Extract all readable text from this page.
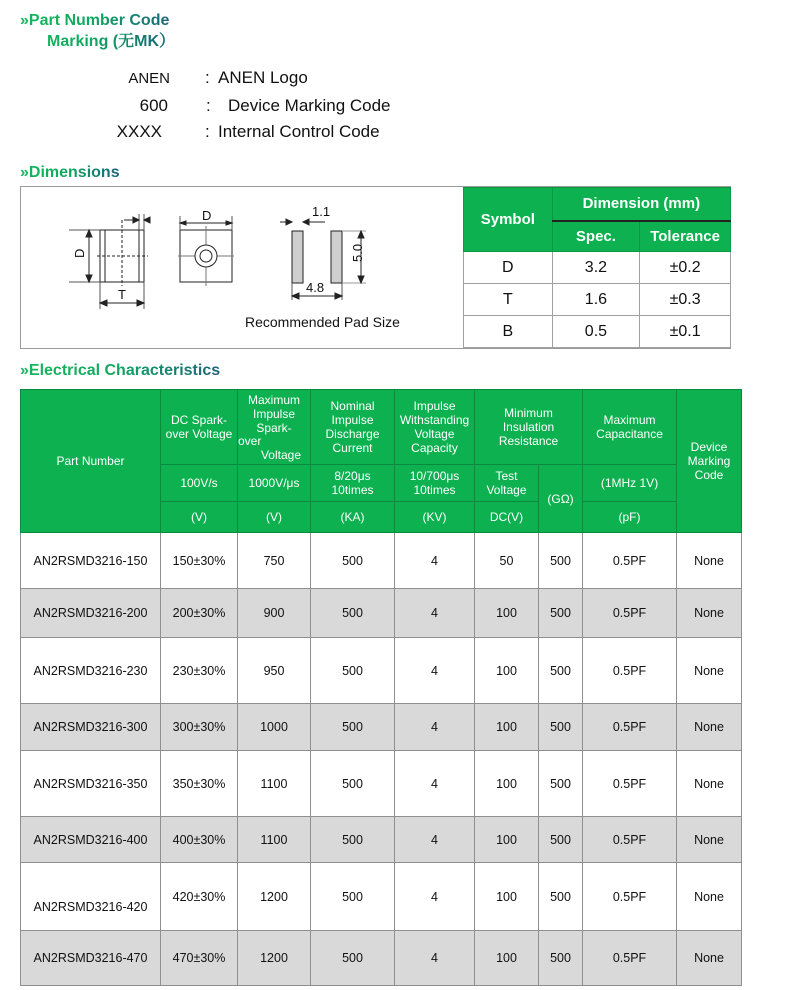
»Part Number Code
Marking (无MK）
ANEN : ANEN Logo
600 : Device Marking Code
XXXX	: Internal Control Code
»Dimensions
D
T
D	1.1
5.0
4.8
Recommended Pad Size
Symbol	Dimension (mm)	
	Spec.	Tolerance
D	3.2	±0.2
T	1.6	±0.3
B	0.5	±0.1
»Electrical Characteristics
Part Number	DC Spark-over Voltage	Maximum Impulse Spark-
over
Voltage	Nominal Impulse Discharge Current	Impulse Withstanding Voltage Capacity	Minimum Insulation Resistance		Maximum Capacitance	Device Marking Code
	100V/s	1000V/μs	8/20μs 10times	10/700μs 10times	Test Voltage	(GΩ)	(1MHz 1V)	
	(V)	(V)	(KA)	(KV)	DC(V)		(pF)	
AN2RSMD3216-150	150±30%	750	500	4	50	500	0.5PF	None
AN2RSMD3216-200	200±30%	900	500	4	100	500	0.5PF	None
AN2RSMD3216-230	230±30%	950	500	4	100	500	0.5PF	None
AN2RSMD3216-300	300±30%	1000	500	4	100	500	0.5PF	None
AN2RSMD3216-350	350±30%	1100	500	4	100	500	0.5PF	None
AN2RSMD3216-400	400±30%	1100	500	4	100	500	0.5PF	None
AN2RSMD3216-420	420±30%	1200	500	4	100	500	0.5PF	None
AN2RSMD3216-470	470±30%	1200	500	4	100	500	0.5PF	None
